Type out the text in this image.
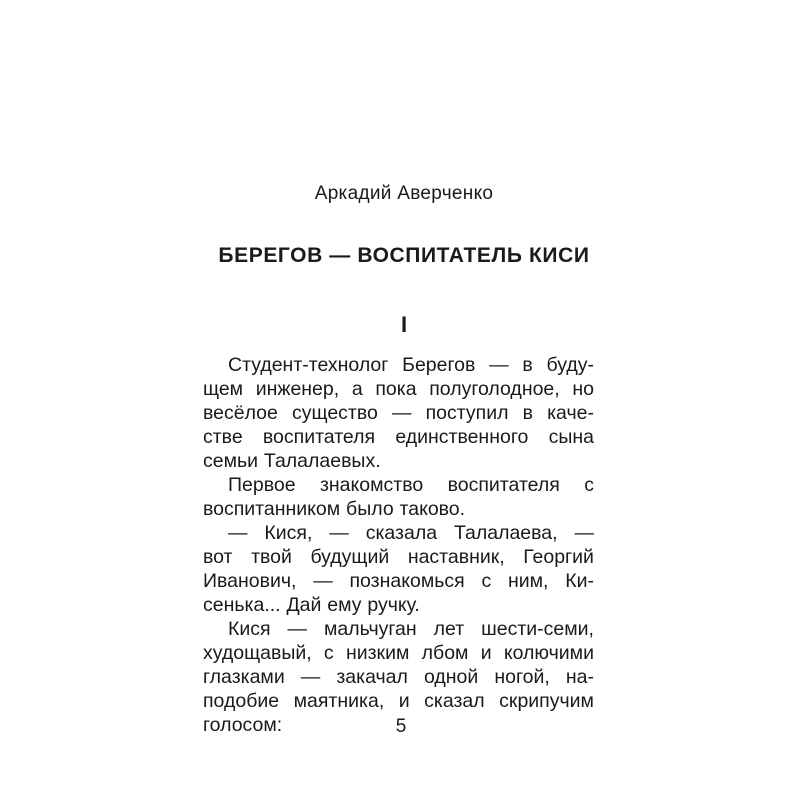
Аркадий Аверченко
БЕРЕГОВ — ВОСПИТАТЕЛЬ КИСИ
I
Студент-технолог Берегов — в буду-
щем инженер, а пока полуголодное, но
весёлое существо — поступил в каче-
стве воспитателя единственного сына
семьи Талалаевых.
Первое знакомство воспитателя с
воспитанником было таково.
— Кися, — сказала Талалаева, —
вот твой будущий наставник, Георгий
Иванович, — познакомься с ним, Ки-
сенька... Дай ему ручку.
Кися — мальчуган лет шести-семи,
худощавый, с низким лбом и колючими
глазками — закачал одной ногой, на-
подобие маятника, и сказал скрипучим
голосом:	5
